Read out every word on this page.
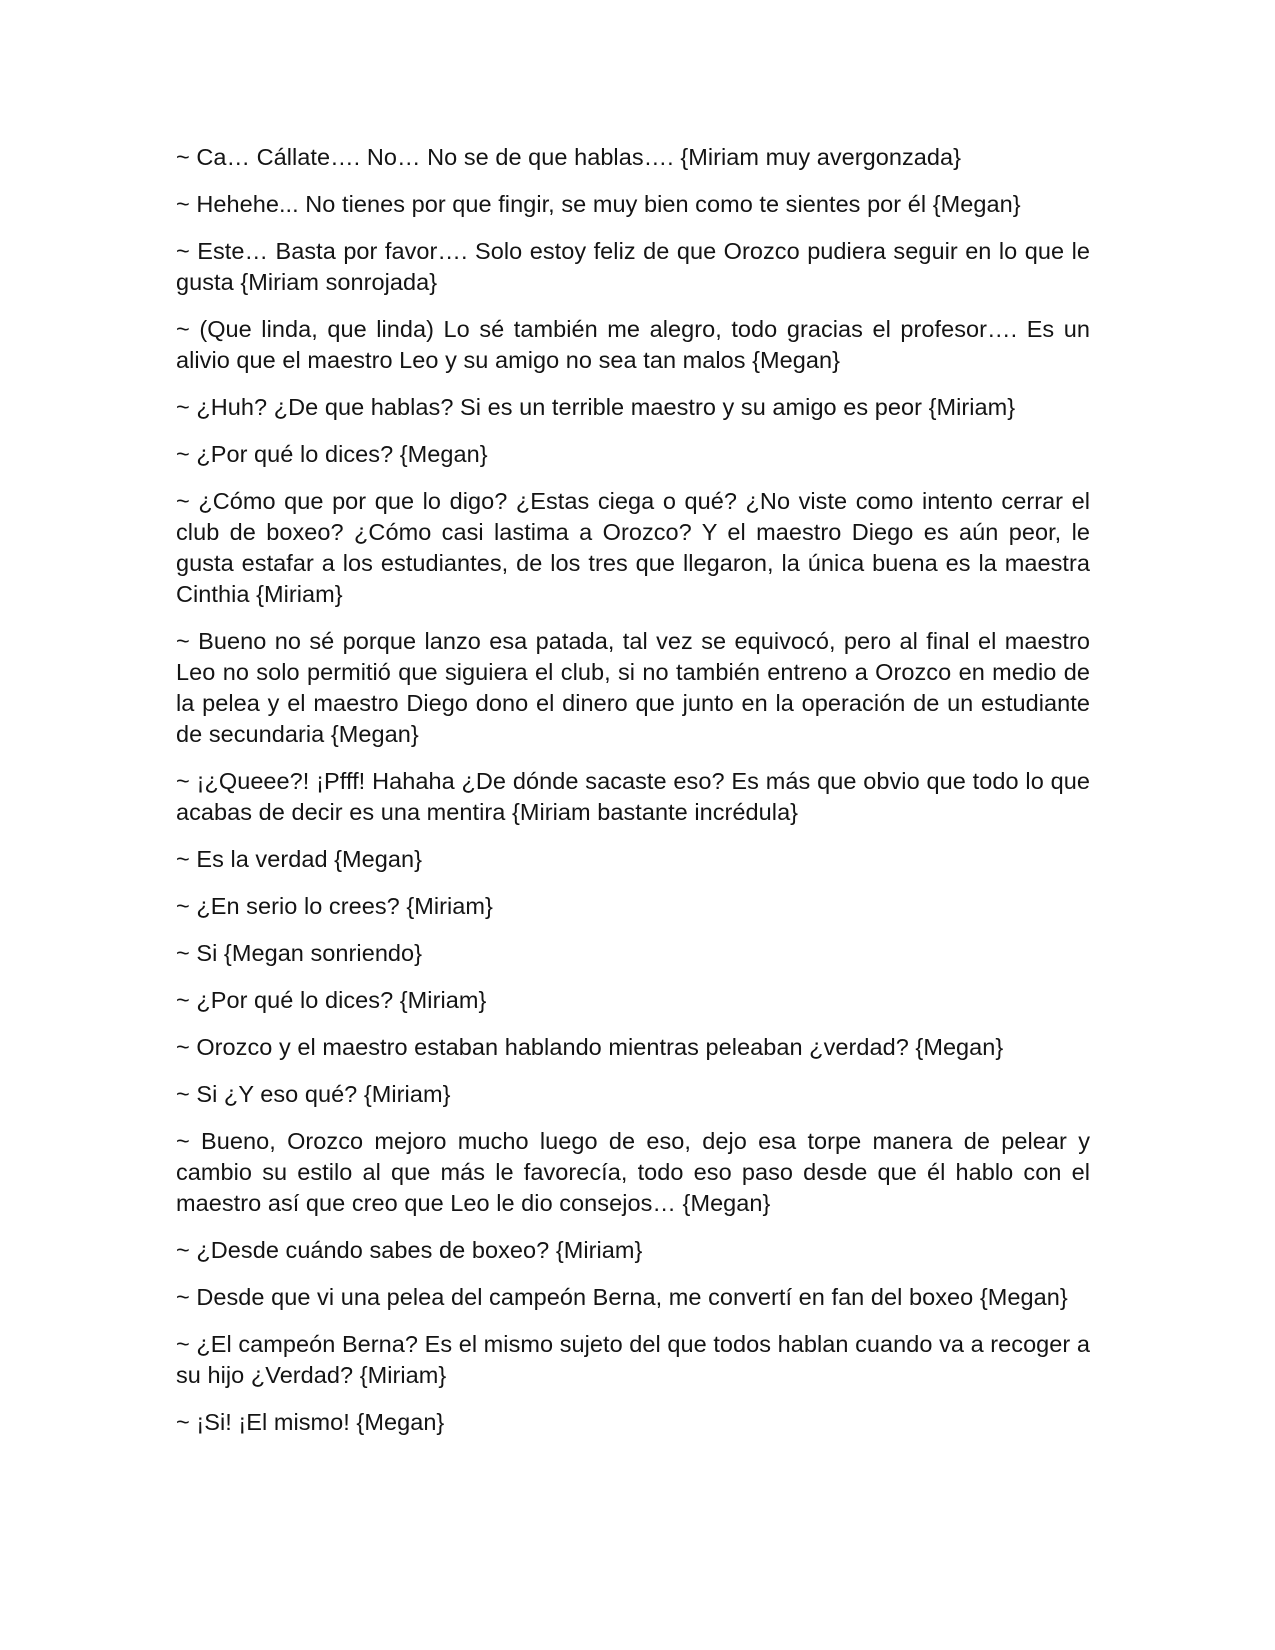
~ Ca… Cállate…. No… No se de que hablas…. {Miriam muy avergonzada}

~ Hehehe... No tienes por que fingir, se muy bien como te sientes por él {Megan}

~ Este… Basta por favor…. Solo estoy feliz de que Orozco pudiera seguir en lo que le gusta {Miriam sonrojada}

~ (Que linda, que linda) Lo sé también me alegro, todo gracias el profesor…. Es un alivio que el maestro Leo y su amigo no sea tan malos {Megan}

~ ¿Huh? ¿De que hablas? Si es un terrible maestro y su amigo es peor {Miriam}

~ ¿Por qué lo dices? {Megan}

~ ¿Cómo que por que lo digo? ¿Estas ciega o qué? ¿No viste como intento cerrar el club de boxeo? ¿Cómo casi lastima a Orozco? Y el maestro Diego es aún peor, le gusta estafar a los estudiantes, de los tres que llegaron, la única buena es la maestra Cinthia {Miriam}

~ Bueno no sé porque lanzo esa patada, tal vez se equivocó, pero al final el maestro Leo no solo permitió que siguiera el club, si no también entreno a Orozco en medio de la pelea y el maestro Diego dono el dinero que junto en la operación de un estudiante de secundaria {Megan}

~ ¡¿Queee?! ¡Pfff! Hahaha ¿De dónde sacaste eso? Es más que obvio que todo lo que acabas de decir es una mentira {Miriam bastante incrédula}

~ Es la verdad {Megan}

~ ¿En serio lo crees? {Miriam}

~ Si {Megan sonriendo}

~ ¿Por qué lo dices? {Miriam}

~ Orozco y el maestro estaban hablando mientras peleaban ¿verdad? {Megan}

~ Si ¿Y eso qué? {Miriam}

~ Bueno, Orozco mejoro mucho luego de eso, dejo esa torpe manera de pelear y cambio su estilo al que más le favorecía, todo eso paso desde que él hablo con el maestro así que creo que Leo le dio consejos… {Megan}

~ ¿Desde cuándo sabes de boxeo? {Miriam}

~ Desde que vi una pelea del campeón Berna, me convertí en fan del boxeo {Megan}

~ ¿El campeón Berna? Es el mismo sujeto del que todos hablan cuando va a recoger a su hijo ¿Verdad? {Miriam}

~ ¡Si! ¡El mismo! {Megan}
